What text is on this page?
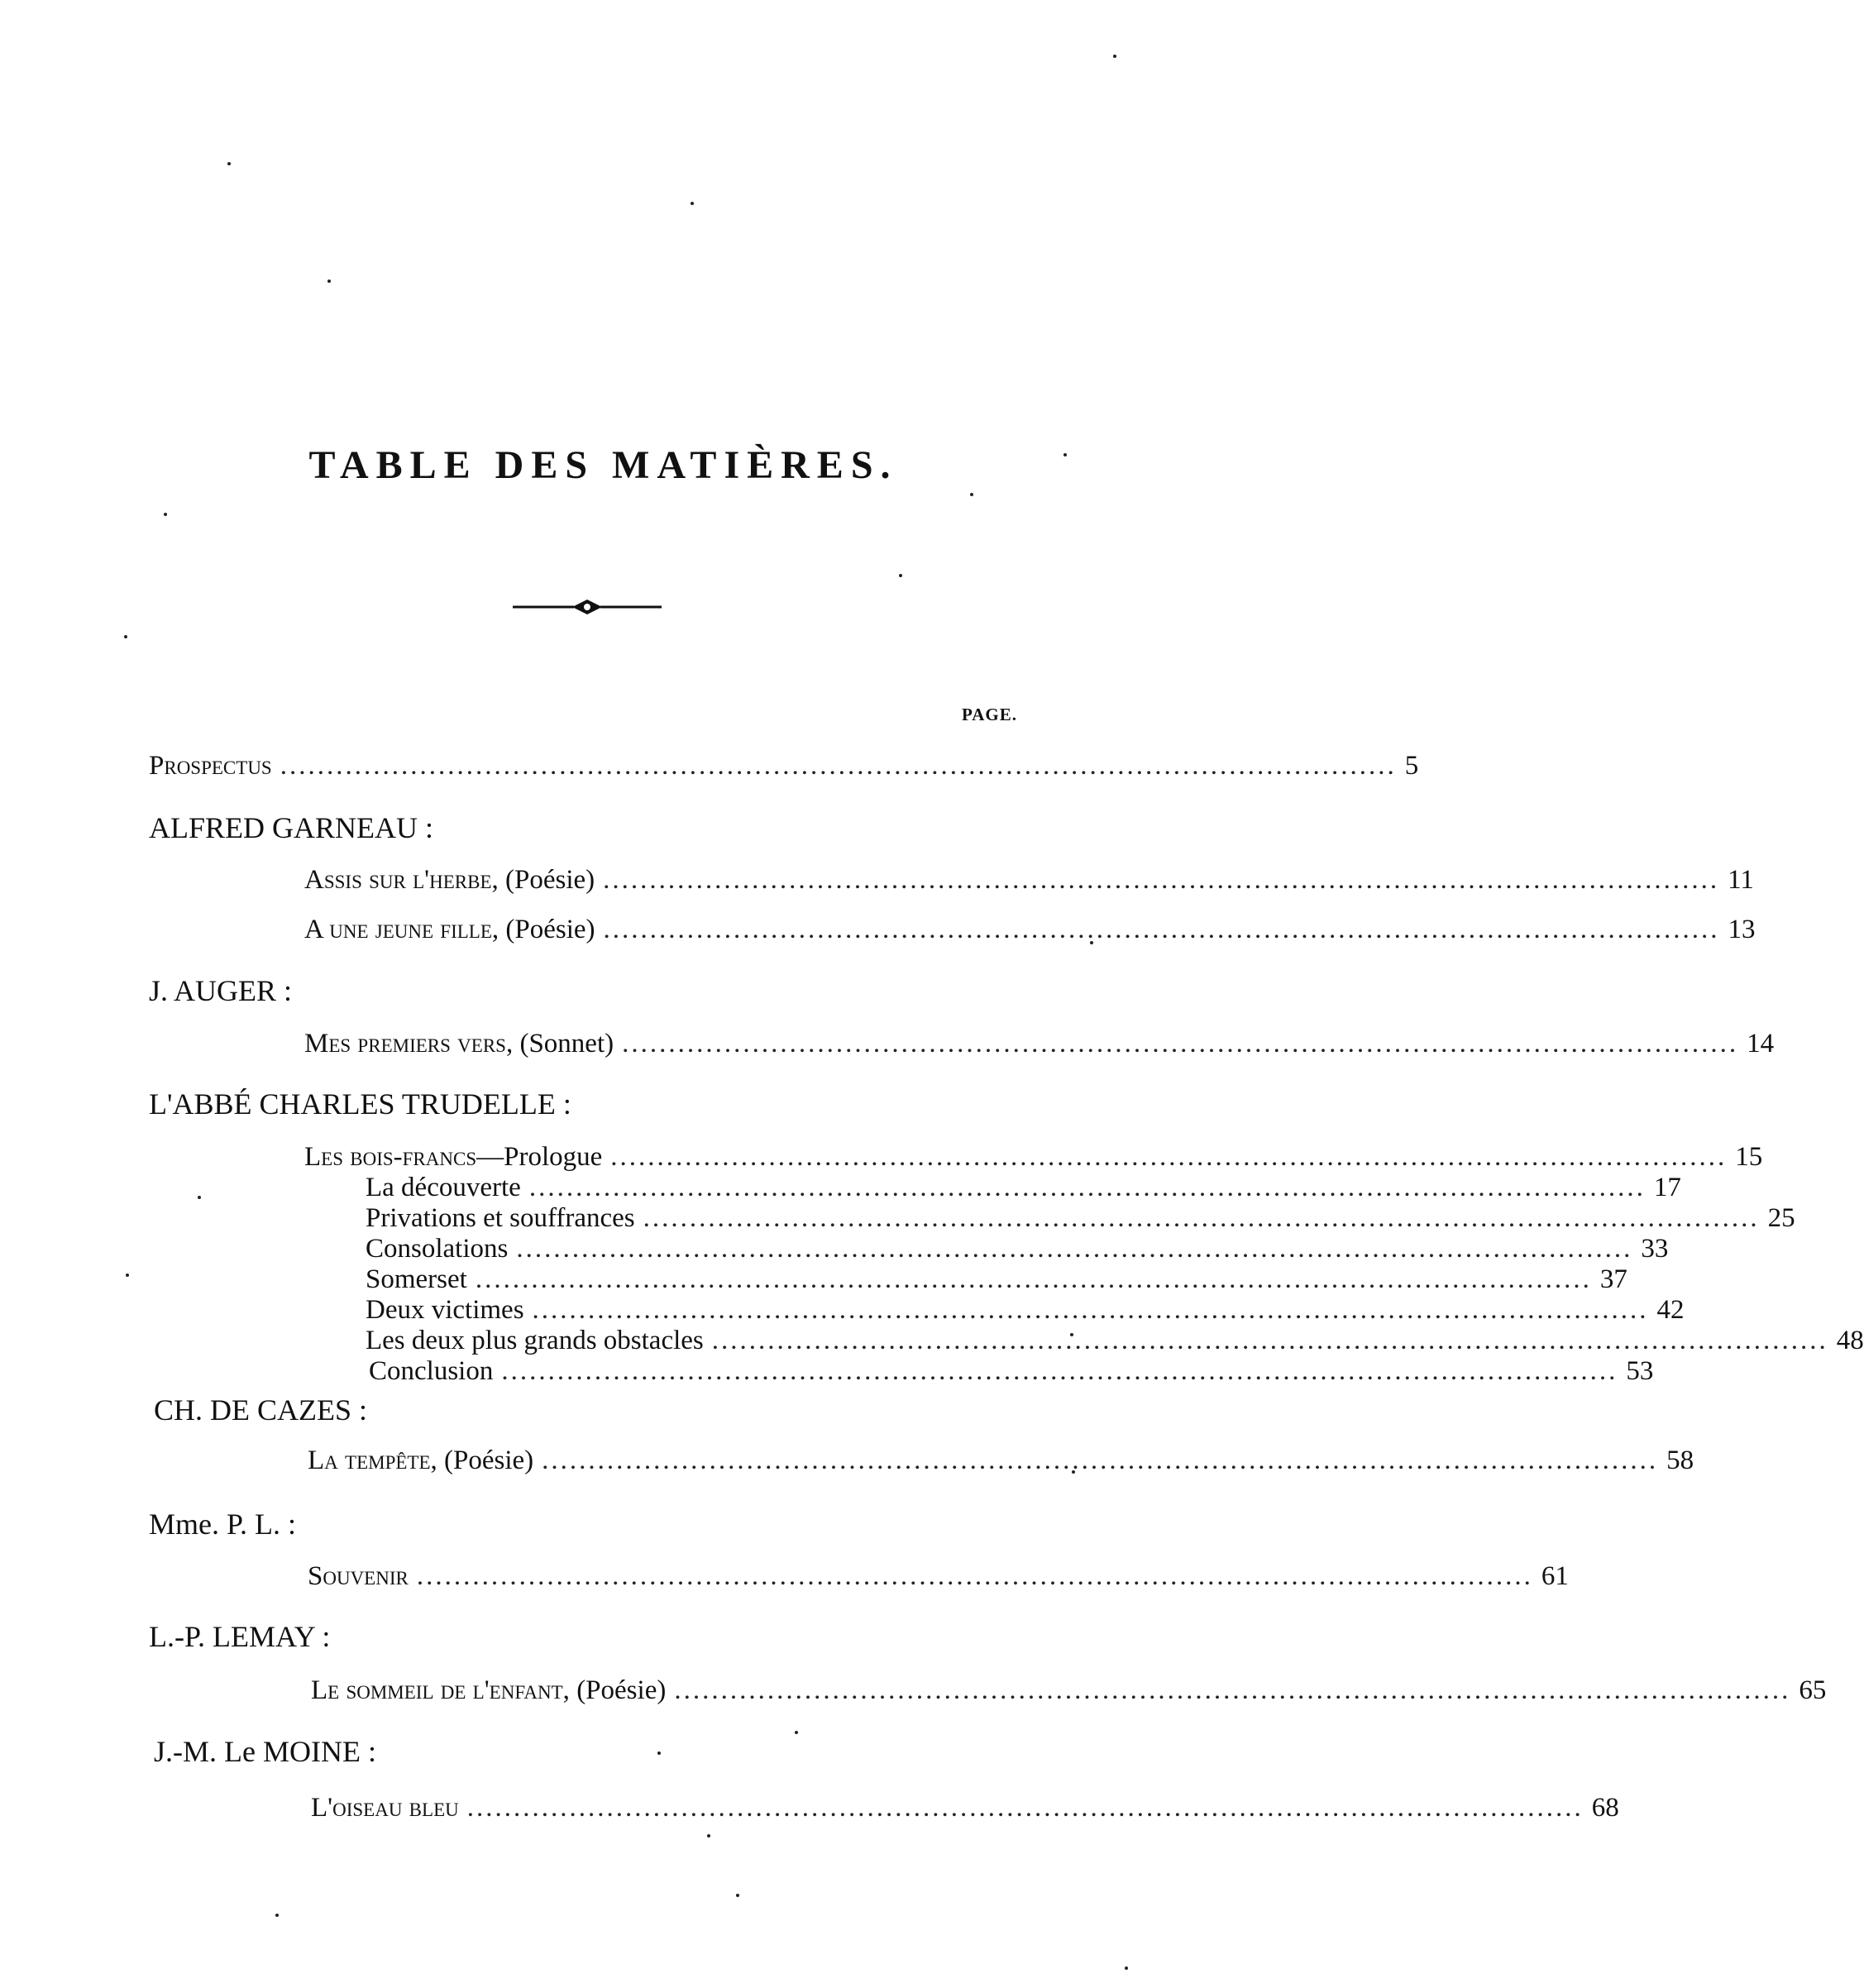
TABLE DES MATIÈRES.
PAGE.
Prospectus ........................................................................................................................ 5
ALFRED GARNEAU :
Assis sur l'herbe, (Poésie) ........................................................................................................................ 11
A une jeune fille, (Poésie) ........................................................................................................................ 13
J. AUGER :
Mes premiers vers, (Sonnet) ........................................................................................................................ 14
L'ABBÉ CHARLES TRUDELLE :
Les bois-francs—Prologue ........................................................................................................................ 15
La découverte ........................................................................................................................ 17
Privations et souffrances ........................................................................................................................ 25
Consolations ........................................................................................................................ 33
Somerset ........................................................................................................................ 37
Deux victimes ........................................................................................................................ 42
Les deux plus grands obstacles ........................................................................................................................ 48
Conclusion ........................................................................................................................ 53
CH. DE CAZES :
La tempête, (Poésie) ........................................................................................................................ 58
Mme. P. L. :
Souvenir ........................................................................................................................ 61
L.-P. LEMAY :
Le sommeil de l'enfant, (Poésie) ........................................................................................................................ 65
J.-M. Le MOINE :
L'oiseau bleu ........................................................................................................................ 68
